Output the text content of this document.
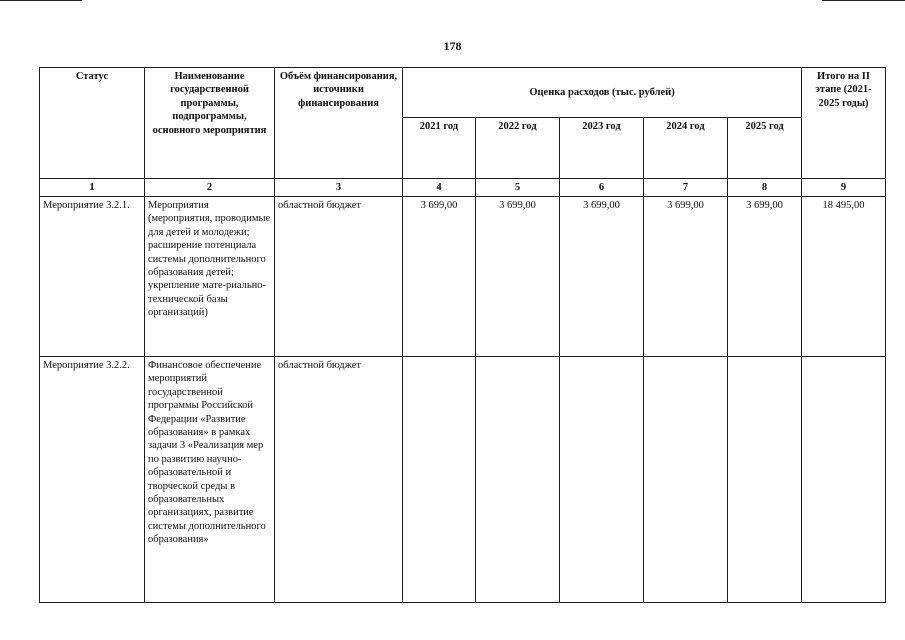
178
Статус	Наименование государственной программы, подпрограммы, основного мероприятия	Объём финансирования, источники финансирования	Оценка расходов (тыс. рублей)					Итого на II этапе (2021-2025 годы)
			2021 год	2022 год	2023 год	2024 год	2025 год	
1	2	3	4	5	6	7	8	9
Мероприятие 3.2.1.	Мероприятия (мероприятия, проводимые для детей и молодежи; расширение потенциала системы дополнительного образования детей; укрепление мате-риально-технической базы организаций)	областной бюджет	3 699,00	3 699,00	3 699,00	3 699,00	3 699,00	18 495,00
Мероприятие 3.2.2.	Финансовое обеспечение мероприятий государственной программы Российской Федерации «Развитие образования» в рамках задачи 3 «Реализация мер по развитию научно-образовательной и творческой среды в образовательных организациях, развитие системы дополнительного образования»	областной бюджет						
